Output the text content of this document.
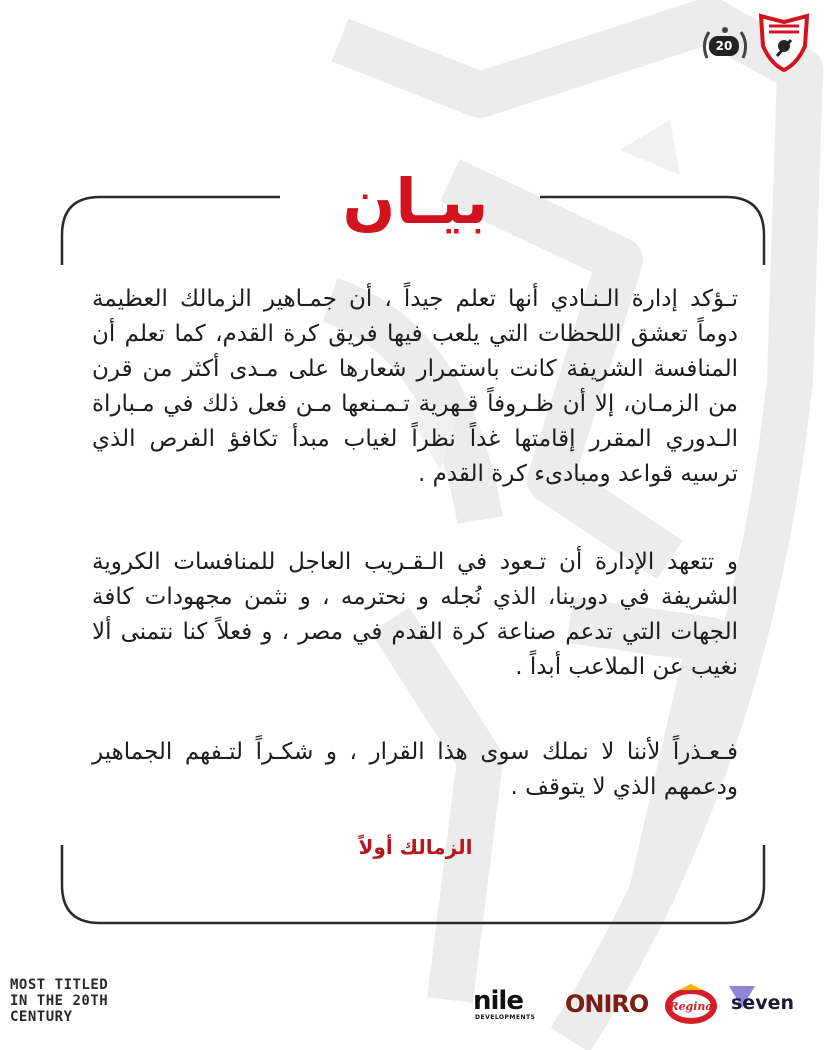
20
بيـان
تـؤكد إدارة الـنـادي أنها تعلم جيداً ، أن جمـاهير الزمالك العظيمة دوماً تعشق اللحظات التي يلعب فيها فريق كرة القدم، كما تعلم أن المنافسة الشريفة كانت باستمرار شعارها على مـدى أكثر من قرن من الزمـان، إلا أن ظـروفاً قـهرية تـمـنعها مـن فعل ذلك في مـباراة الـدوري المقرر إقامتها غداً نظراً لغياب مبدأ تكافؤ الفرص الذي ترسيه قواعد ومبادىء كرة القدم .
و تتعهد الإدارة أن تـعود في الـقـريب العاجل للمنافسات الكروية الشريفة في دورينا، الذي نُجله و نحترمه ، و نثمن مجهودات كافة الجهات التي تدعم صناعة كرة القدم في مصر ، و فعلاً كنا نتمنى ألا نغيب عن الملاعب أبداً .
فـعـذراً لأننا لا نملك سوى هذا القرار ، و شكـراً لتـفهم الجماهير ودعمهم الذي لا يتوقف .
الزمالك أولاً
MOST TITLED
IN THE 20TH
CENTURY
nile
DEVELOPMENTS ONIRO Regina seven
